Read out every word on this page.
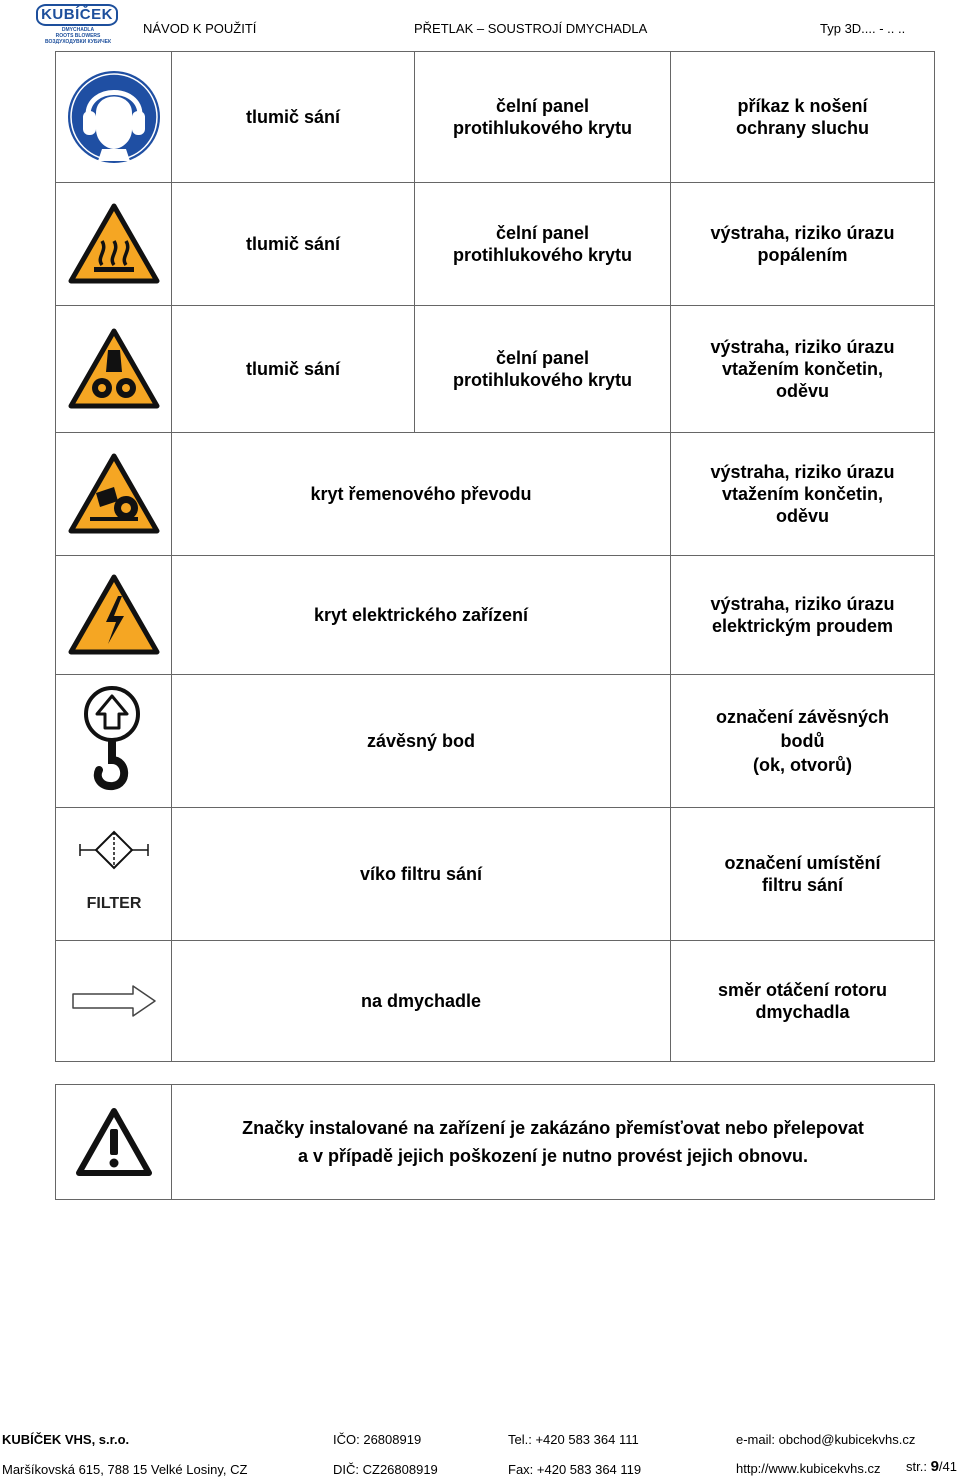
KUBÍČEK
DMYCHADLA
ROOTS BLOWERS
ВОЗДУХОДУВКИ КУБИЧЕК
NÁVOD K POUŽITÍ	PŘETLAK – SOUSTROJÍ DMYCHADLA	Typ 3D.... - .. ..
tlumič sání
čelní panel
protihlukového krytu
příkaz k nošení
ochrany sluchu
tlumič sání
čelní panel
protihlukového krytu
výstraha, riziko úrazu
popálením
tlumič sání
čelní panel
protihlukového krytu
výstraha, riziko úrazu
vtažením končetin,
oděvu
kryt řemenového převodu
výstraha, riziko úrazu
vtažením končetin,
oděvu
kryt elektrického zařízení
výstraha, riziko úrazu
elektrickým proudem
závěsný bod
označení závěsných
bodů
(ok, otvorů)
FILTER
víko filtru sání
označení umístění
filtru sání
na dmychadle
směr otáčení rotoru
dmychadla
Značky instalované na zařízení je zakázáno přemísťovat nebo přelepovat
a v případě jejich poškození je nutno provést jejich obnovu.
KUBÍČEK VHS, s.r.o.
Maršíkovská 615, 788 15 Velké Losiny, CZ
IČO: 26808919
DIČ: CZ26808919
Tel.: +420 583 364 111
Fax: +420 583 364 119
e-mail: obchod@kubicekvhs.cz
http://www.kubicekvhs.cz str.: 9/41
